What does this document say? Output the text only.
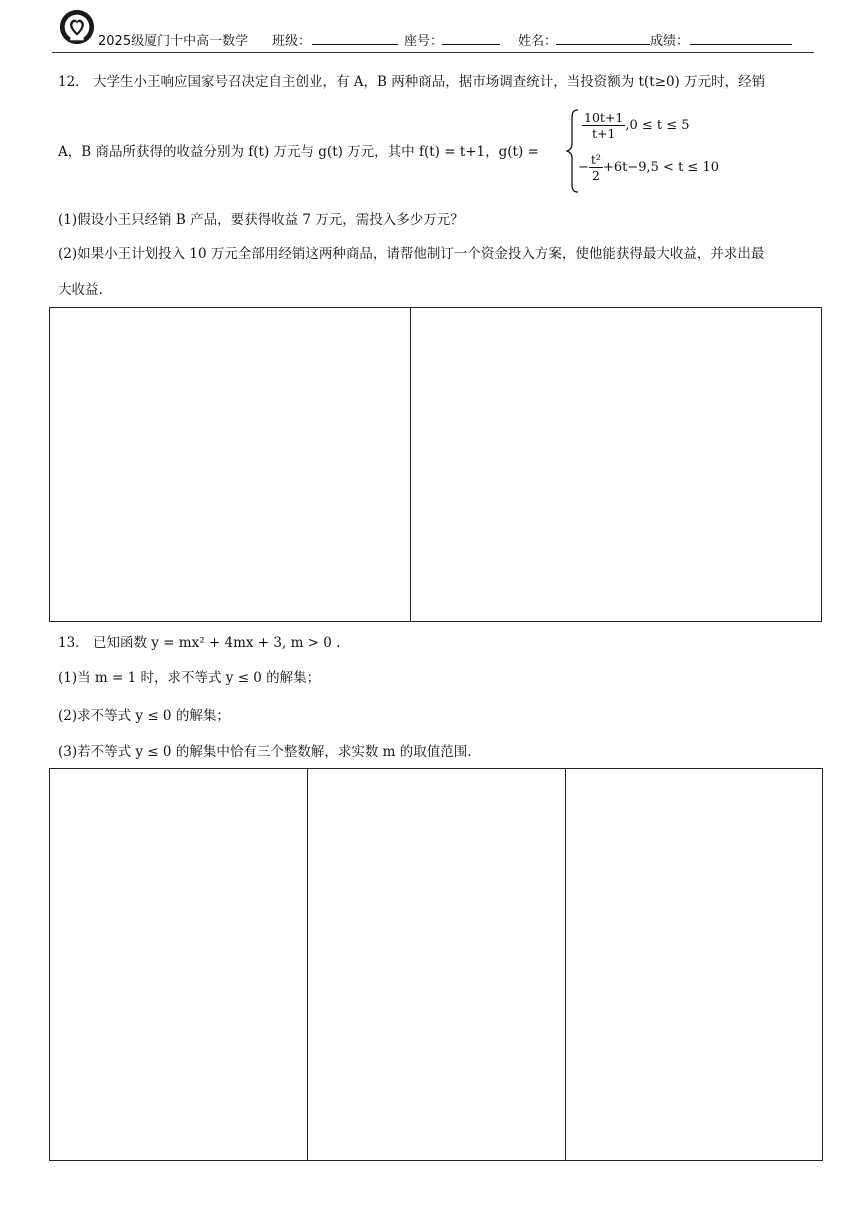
2025级厦门十中高一数学 班级：	座号：	姓名：	成绩：
12． 大学生小王响应国家号召决定自主创业，有 A，B 两种商品，据市场调查统计，当投资额为 t(t≥0) 万元时，经销
A，B 商品所获得的收益分别为 f(t) 万元与 g(t) 万元，其中 f(t) = t+1，g(t) =
$\frac{10t+1}{t+1} ,0 \le t \le 5$
− $\frac{\text{t²}}{2} +6t-9,5 < t \le 10$
(1)假设小王只经销 B 产品，要获得收益 7 万元，需投入多少万元？
(2)如果小王计划投入 10 万元全部用经销这两种商品，请帮他制订一个资金投入方案，使他能获得最大收益，并求出最
大收益.
13． 已知函数 y = mx² + 4mx + 3, m > 0 .
(1)当 m = 1 时，求不等式 y ≤ 0 的解集；
(2)求不等式 y ≤ 0 的解集；
(3)若不等式 y ≤ 0 的解集中恰有三个整数解，求实数 m 的取值范围.
